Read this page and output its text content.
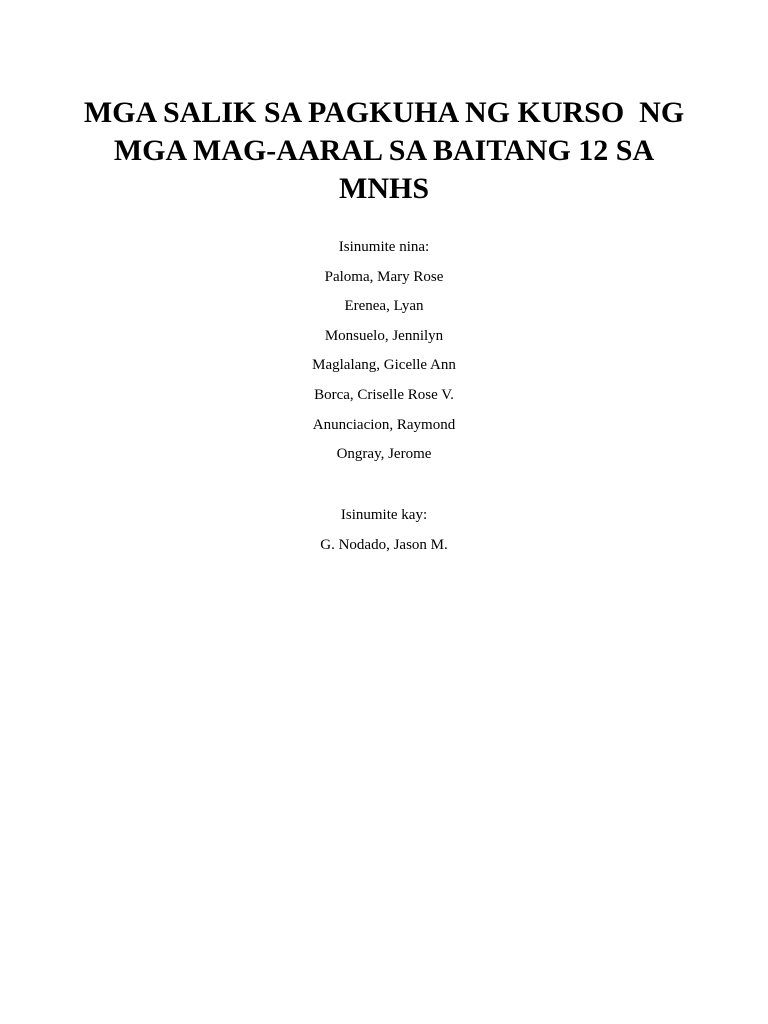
MGA SALIK SA PAGKUHA NG KURSO  NG
MGA MAG-AARAL SA BAITANG 12 SA
MNHS
Isinumite nina:
Paloma, Mary Rose
Erenea, Lyan
Monsuelo, Jennilyn
Maglalang, Gicelle Ann
Borca, Criselle Rose V.
Anunciacion, Raymond
Ongray, Jerome
Isinumite kay:
G. Nodado, Jason M.
